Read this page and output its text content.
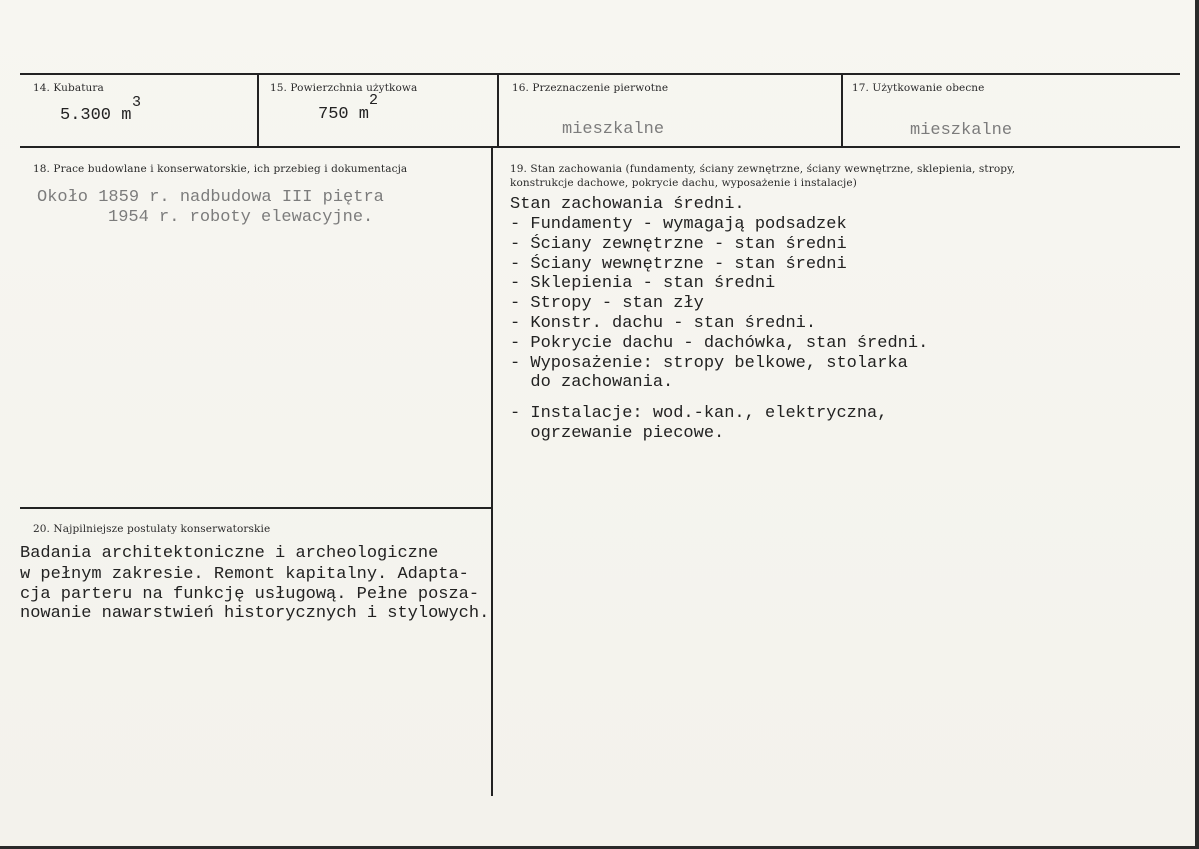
14. Kubatura
5.300 m
3
15. Powierzchnia użytkowa
750 m
2
16. Przeznaczenie pierwotne
mieszkalne
17. Użytkowanie obecne
mieszkalne
18. Prace budowlane i konserwatorskie, ich przebieg i dokumentacja
Około 1859 r. nadbudowa III piętra
1954 r. roboty elewacyjne.
19. Stan zachowania (fundamenty, ściany zewnętrzne, ściany wewnętrzne, sklepienia, stropy,
konstrukcje dachowe, pokrycie dachu, wyposażenie i instalacje)
Stan zachowania średni.
- Fundamenty - wymagają podsadzek
- Ściany zewnętrzne - stan średni
- Ściany wewnętrzne - stan średni
- Sklepienia - stan średni
- Stropy - stan zły
- Konstr. dachu - stan średni.
- Pokrycie dachu - dachówka, stan średni.
- Wyposażenie: stropy belkowe, stolarka
do zachowania.
- Instalacje: wod.-kan., elektryczna,
ogrzewanie piecowe.
20. Najpilniejsze postulaty konserwatorskie
Badania architektoniczne i archeologiczne
w pełnym zakresie. Remont kapitalny. Adapta-
cja parteru na funkcję usługową. Pełne posza-
nowanie nawarstwień historycznych i stylowych.
